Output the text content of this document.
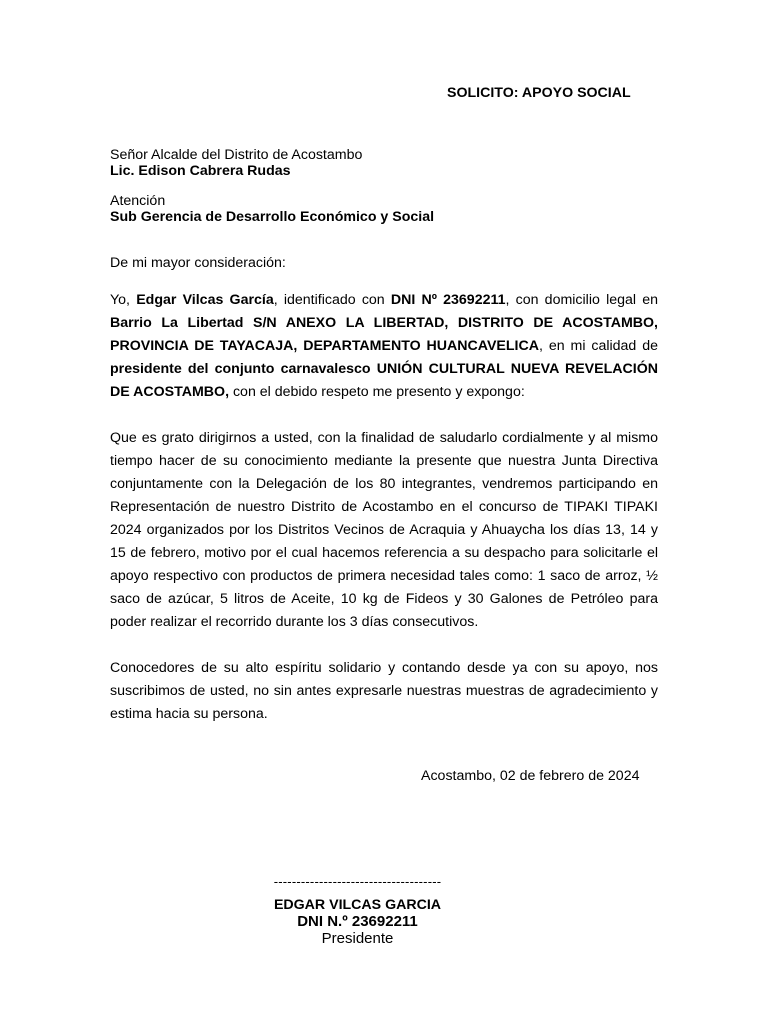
SOLICITO: APOYO SOCIAL
Señor Alcalde del Distrito de Acostambo
Lic. Edison Cabrera Rudas
Atención
Sub Gerencia de Desarrollo Económico y Social
De mi mayor consideración:
Yo, Edgar Vilcas García, identificado con DNI Nº 23692211, con domicilio legal en Barrio La Libertad S/N ANEXO LA LIBERTAD, DISTRITO DE ACOSTAMBO, PROVINCIA DE TAYACAJA, DEPARTAMENTO HUANCAVELICA, en mi calidad de presidente del conjunto carnavalesco UNIÓN CULTURAL NUEVA REVELACIÓN DE ACOSTAMBO, con el debido respeto me presento y expongo:
Que es grato dirigirnos a usted, con la finalidad de saludarlo cordialmente y al mismo tiempo hacer de su conocimiento mediante la presente que nuestra Junta Directiva conjuntamente con la Delegación de los 80 integrantes, vendremos participando en Representación de nuestro Distrito de Acostambo en el concurso de TIPAKI TIPAKI 2024 organizados por los Distritos Vecinos de Acraquia y Ahuaycha los días 13, 14 y 15 de febrero, motivo por el cual hacemos referencia a su despacho para solicitarle el apoyo respectivo con productos de primera necesidad tales como: 1 saco de arroz, ½ saco de azúcar, 5 litros de Aceite, 10 kg de Fideos y 30 Galones de Petróleo para poder realizar el recorrido durante los 3 días consecutivos.
Conocedores de su alto espíritu solidario y contando desde ya con su apoyo, nos suscribimos de usted, no sin antes expresarle nuestras muestras de agradecimiento y estima hacia su persona.
Acostambo, 02 de febrero de 2024
-------------------------------------
EDGAR VILCAS GARCIA
DNI N.º 23692211
Presidente
